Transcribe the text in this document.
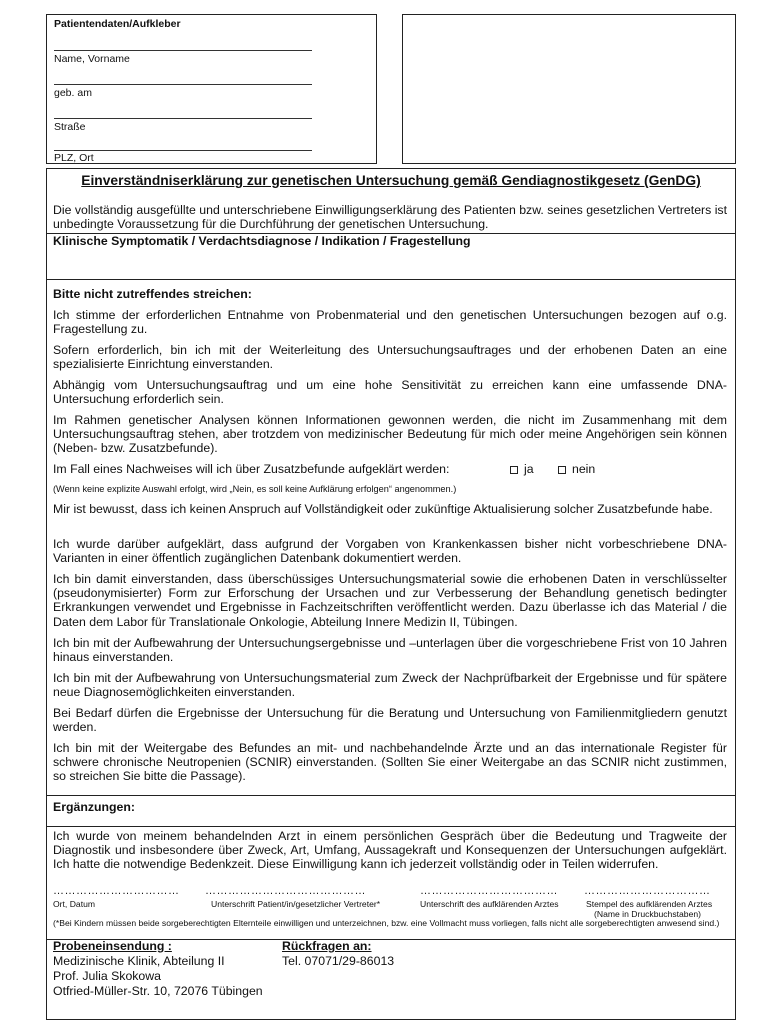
Patientendaten/Aufkleber
Name, Vorname
geb. am
Straße
PLZ, Ort
Einverständniserklärung zur genetischen Untersuchung gemäß Gendiagnostikgesetz (GenDG)
Die vollständig ausgefüllte und unterschriebene Einwilligungserklärung des Patienten bzw. seines gesetzlichen Vertreters ist unbedingte Voraussetzung für die Durchführung der genetischen Untersuchung.
Klinische Symptomatik / Verdachtsdiagnose / Indikation / Fragestellung
Bitte nicht zutreffendes streichen:
Ich stimme der erforderlichen Entnahme von Probenmaterial und den genetischen Untersuchungen bezogen auf o.g. Fragestellung zu.
Sofern erforderlich, bin ich mit der Weiterleitung des Untersuchungsauftrages und der erhobenen Daten an eine spezialisierte Einrichtung einverstanden.
Abhängig vom Untersuchungsauftrag und um eine hohe Sensitivität zu erreichen kann eine umfassende DNA-Untersuchung erforderlich sein.
Im Rahmen genetischer Analysen können Informationen gewonnen werden, die nicht im Zusammenhang mit dem Untersuchungsauftrag stehen, aber trotzdem von medizinischer Bedeutung für mich oder meine Angehörigen sein können (Neben- bzw. Zusatzbefunde).
Im Fall eines Nachweises will ich über Zusatzbefunde aufgeklärt werden:	ja	nein
(Wenn keine explizite Auswahl erfolgt, wird „Nein, es soll keine Aufklärung erfolgen“ angenommen.)
Mir ist bewusst, dass ich keinen Anspruch auf Vollständigkeit oder zukünftige Aktualisierung solcher Zusatzbefunde habe.
Ich wurde darüber aufgeklärt, dass aufgrund der Vorgaben von Krankenkassen bisher nicht vorbeschriebene DNA-Varianten in einer öffentlich zugänglichen Datenbank dokumentiert werden.
Ich bin damit einverstanden, dass überschüssiges Untersuchungsmaterial sowie die erhobenen Daten in verschlüsselter (pseudonymisierter) Form zur Erforschung der Ursachen und zur Verbesserung der Behandlung genetisch bedingter Erkrankungen verwendet und Ergebnisse in Fachzeitschriften veröffentlicht werden. Dazu überlasse ich das Material / die Daten dem Labor für Translationale Onkologie, Abteilung Innere Medizin II, Tübingen.
Ich bin mit der Aufbewahrung der Untersuchungsergebnisse und –unterlagen über die vorgeschriebene Frist von 10 Jahren hinaus einverstanden.
Ich bin mit der Aufbewahrung von Untersuchungsmaterial zum Zweck der Nachprüfbarkeit der Ergebnisse und für spätere neue Diagnosemöglichkeiten einverstanden.
Bei Bedarf dürfen die Ergebnisse der Untersuchung für die Beratung und Untersuchung von Familienmitgliedern genutzt werden.
Ich bin mit der Weitergabe des Befundes an mit- und nachbehandelnde Ärzte und an das internationale Register für schwere chronische Neutropenien (SCNIR) einverstanden. (Sollten Sie einer Weitergabe an das SCNIR nicht zustimmen, so streichen Sie bitte die Passage).
Ergänzungen:
Ich wurde von meinem behandelnden Arzt in einem persönlichen Gespräch über die Bedeutung und Tragweite der Diagnostik und insbesondere über Zweck, Art, Umfang, Aussagekraft und Konsequenzen der Untersuchungen aufgeklärt. Ich hatte die notwendige Bedenkzeit. Diese Einwilligung kann ich jederzeit vollständig oder in Teilen widerrufen.
…………………………… ……………………………………	……………………………… ……………………………
Ort, Datum	Unterschrift Patient/in/gesetzlicher Vertreter*	Unterschrift des aufklärenden Arztes	Stempel des aufklärenden Arztes
(Name in Druckbuchstaben)
(*Bei Kindern müssen beide sorgeberechtigten Elternteile einwilligen und unterzeichnen, bzw. eine Vollmacht muss vorliegen, falls nicht alle sorgeberechtigten anwesend sind.)
Probeneinsendung :
Medizinische Klinik, Abteilung II
Prof. Julia Skokowa
Otfried-Müller-Str. 10, 72076 Tübingen
Rückfragen an:
Tel. 07071/29-86013
